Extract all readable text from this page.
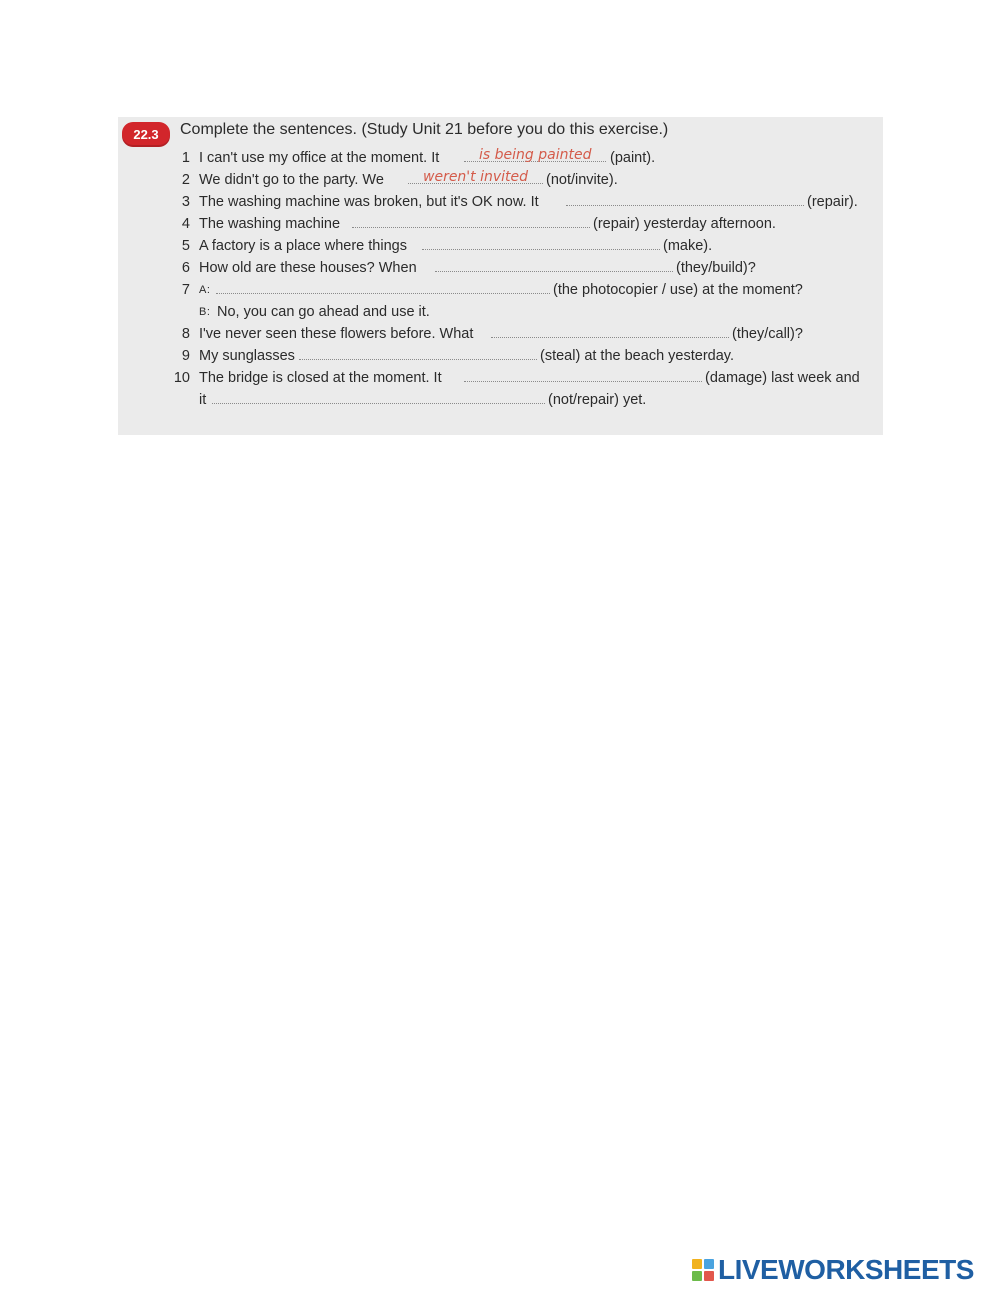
22.3	Complete the sentences. (Study Unit 21 before you do this exercise.)
1 I can't use my office at the moment. It	is being painted (paint).
2 We didn't go to the party. We	weren't invited (not/invite).
3 The washing machine was broken, but it's OK now. It	(repair).
4 The washing machine	(repair) yesterday afternoon.
5 A factory is a place where things	(make).
6 How old are these houses? When	(they/build)?
7 A:	(the photocopier / use) at the moment?
B: No, you can go ahead and use it.
8 I've never seen these flowers before. What	(they/call)?
9 My sunglasses	(steal) at the beach yesterday.
10 The bridge is closed at the moment. It	(damage) last week and
it	(not/repair) yet.
LIVEWORKSHEETS
